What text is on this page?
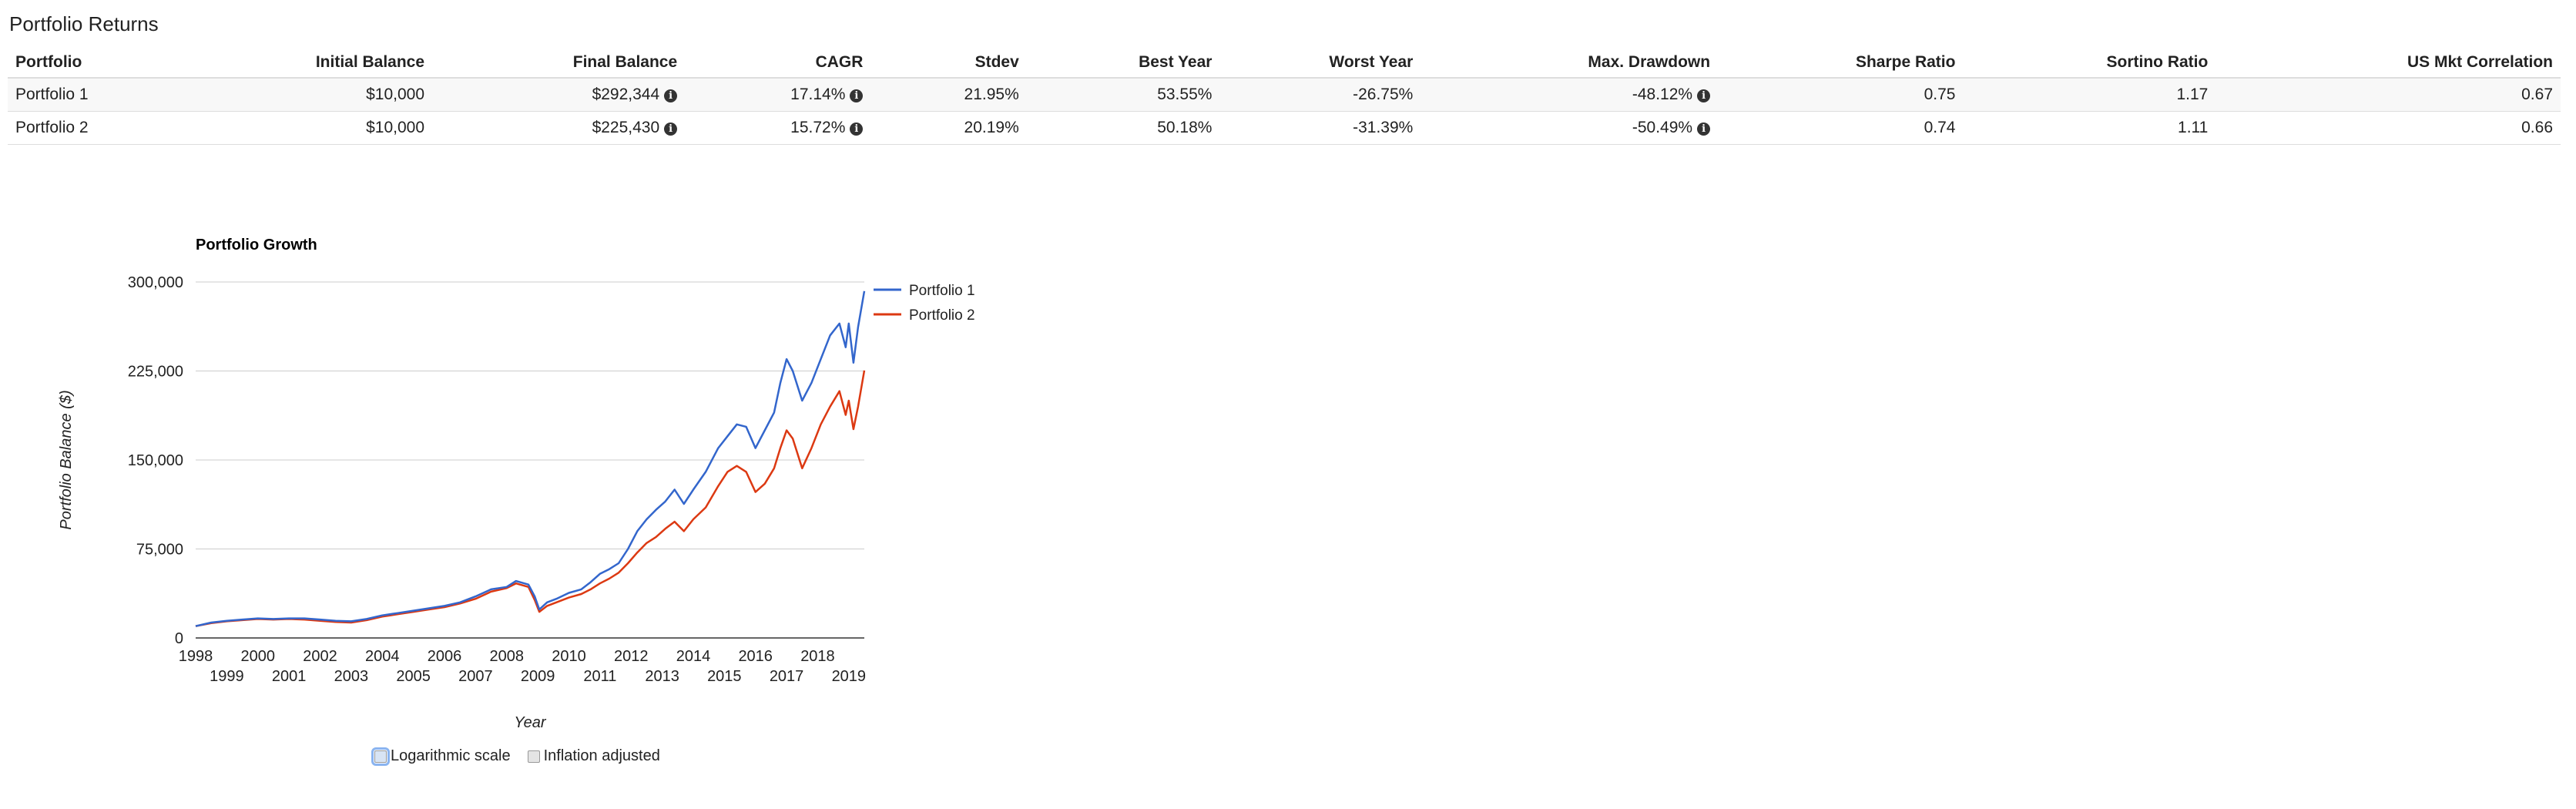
Portfolio Returns
Portfolio	Initial Balance	Final Balance	CAGR	Stdev	Best Year	Worst Year	Max. Drawdown	Sharpe Ratio	Sortino Ratio	US Mkt Correlation
Portfolio 1	$10,000	$292,344 i	17.14% i	21.95%	53.55%	-26.75%	-48.12% i	0.75	1.17	0.67
Portfolio 2	$10,000	$225,430 i	15.72% i	20.19%	50.18%	-31.39%	-50.49% i	0.74	1.11	0.66
Portfolio Growth
0
75,000
150,000
225,000
300,000
1998
1999
2000
2001
2002
2003
2004
2005
2006
2007
2008
2009
2010
2011
2012
2013
2014
2015
2016
2017
2018
2019
Year
Portfolio Balance ($)
Portfolio 1
Portfolio 2
Logarithmic scale Inflation adjusted
